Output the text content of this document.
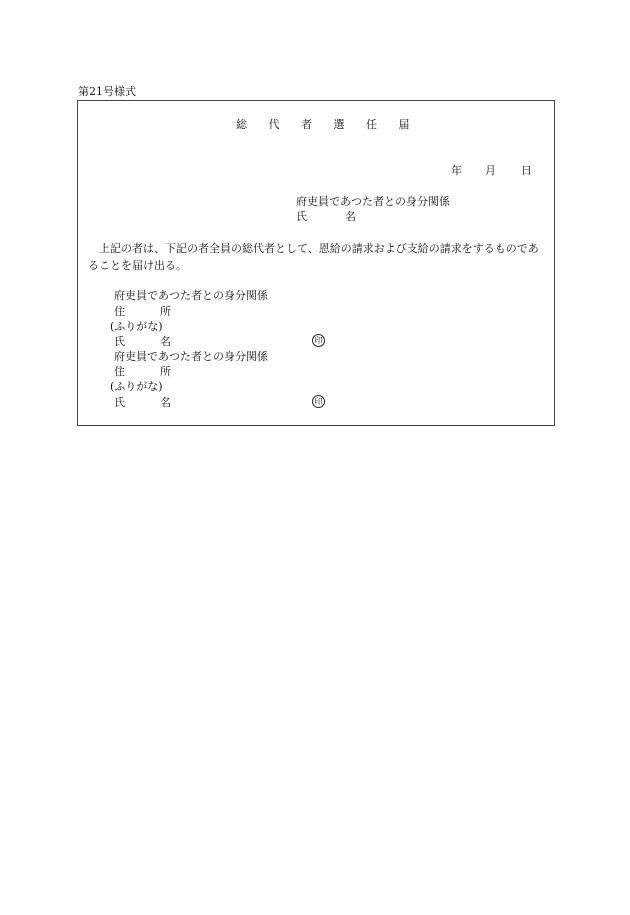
第21号様式
総 代 者 選 任 届
年 月 日
府吏員であつた者との身分関係
氏	名
上記の者は、下記の者全員の総代者として、恩給の請求および支給の請求をするものであることを届け出る。
府吏員であつた者との身分関係
住	所
(ふりがな)
氏	名	印
府吏員であつた者との身分関係
住	所
(ふりがな)
氏	名	印
